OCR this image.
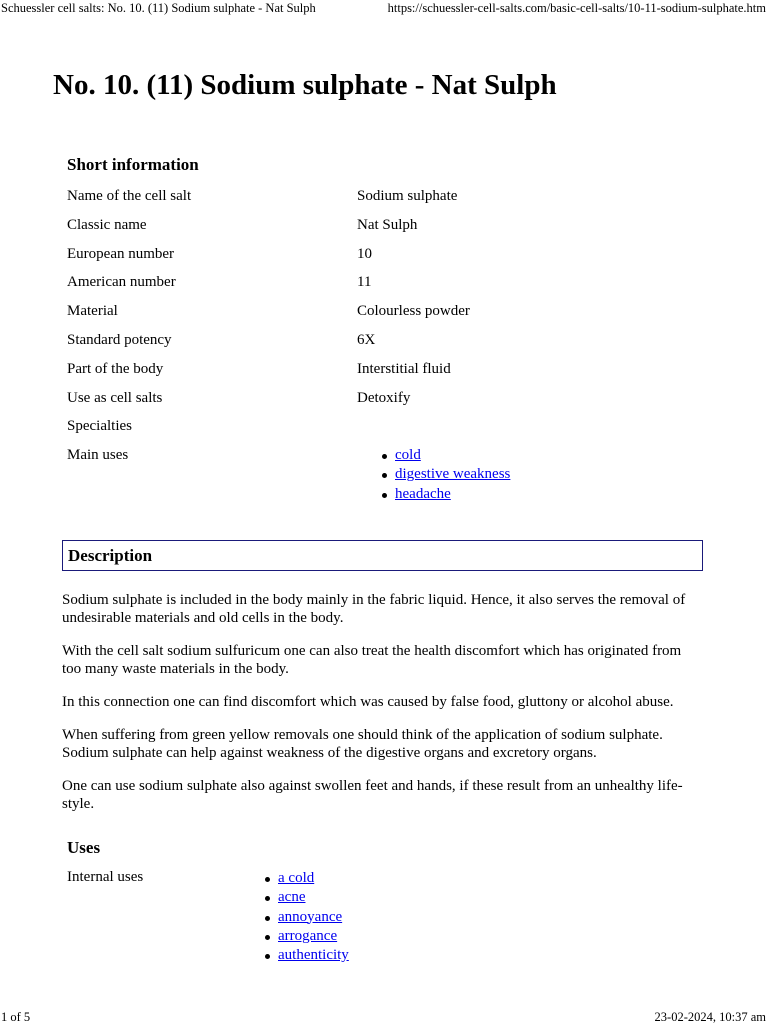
Schuessler cell salts: No. 10. (11) Sodium sulphate - Nat Sulph	https://schuessler-cell-salts.com/basic-cell-salts/10-11-sodium-sulphate.htm
No. 10. (11) Sodium sulphate - Nat Sulph
Short information
Name of the cell salt	Sodium sulphate
Classic name	Nat Sulph
European number	10
American number	11
Material	Colourless powder
Standard potency	6X
Part of the body	Interstitial fluid
Use as cell salts	Detoxify
Specialties
Main uses	cold
digestive weakness
headache
Description

Sodium sulphate is included in the body mainly in the fabric liquid. Hence, it also serves the removal of undesirable materials and old cells in the body.

With the cell salt sodium sulfuricum one can also treat the health discomfort which has originated from too many waste materials in the body.

In this connection one can find discomfort which was caused by false food, gluttony or alcohol abuse.

When suffering from green yellow removals one should think of the application of sodium sulphate. Sodium sulphate can help against weakness of the digestive organs and excretory organs.

One can use sodium sulphate also against swollen feet and hands, if these result from an unhealthy life-style.

Uses
Internal uses	a cold
acne
annoyance
arrogance
authenticity
1 of 5	23-02-2024, 10:37 am
